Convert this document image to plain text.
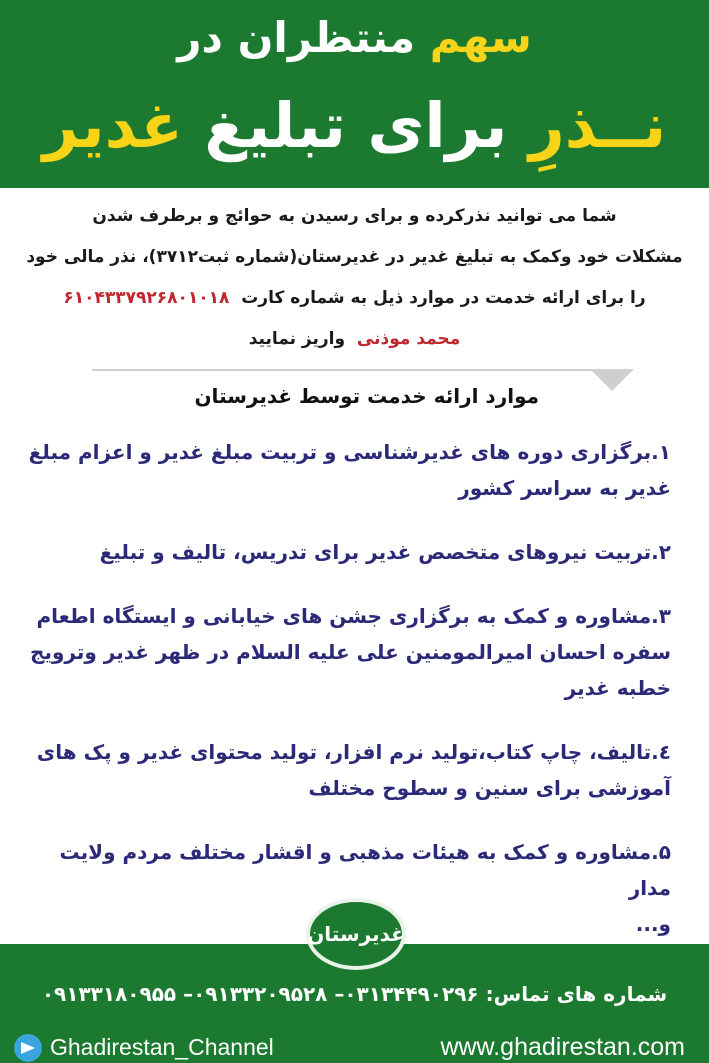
سهم منتظران در
نــذرِ برای تبلیغ غدیر
شما می توانید نذرکرده و برای رسیدن به حوائج و برطرف شدن
مشکلات خود وکمک به تبلیغ غدیر در غدیرستان(شماره ثبت۳۷۱۲)، نذر مالی خود
را برای ارائه خدمت در موارد ذیل به شماره کارت  ۶۱۰۴۳۳۷۹۲۶۸۰۱۰۱۸
محمد موذنی  واریز نمایید
موارد ارائه خدمت توسط غدیرستان
۱.برگزاری دوره های غدیرشناسی و تربیت مبلغ غدیر و اعزام مبلغ غدیر به سراسر کشور
۲.تربیت نیروهای متخصص غدیر برای تدریس، تالیف و تبلیغ
۳.مشاوره و کمک به برگزاری جشن های خیابانی و ایستگاه اطعام سفره احسان امیرالمومنین علی علیه السلام در ظهر غدیر وترویج خطبه غدیر
٤.تالیف، چاپ کتاب،تولید نرم افزار، تولید محتوای غدیر و پک های آموزشی برای سنین و سطوح مختلف
۵.مشاوره و کمک به هیئات مذهبی و اقشار مختلف مردم ولایت مدار
و...
غدیرستان
شماره های تماس: ۰۳۱۳۴۴۹۰۲۹۶– ۰۹۱۳۳۲۰۹۵۲۸– ۰۹۱۳۳۱۸۰۹۵۵
Ghadirestan_Channel	www.ghadirestan.com
